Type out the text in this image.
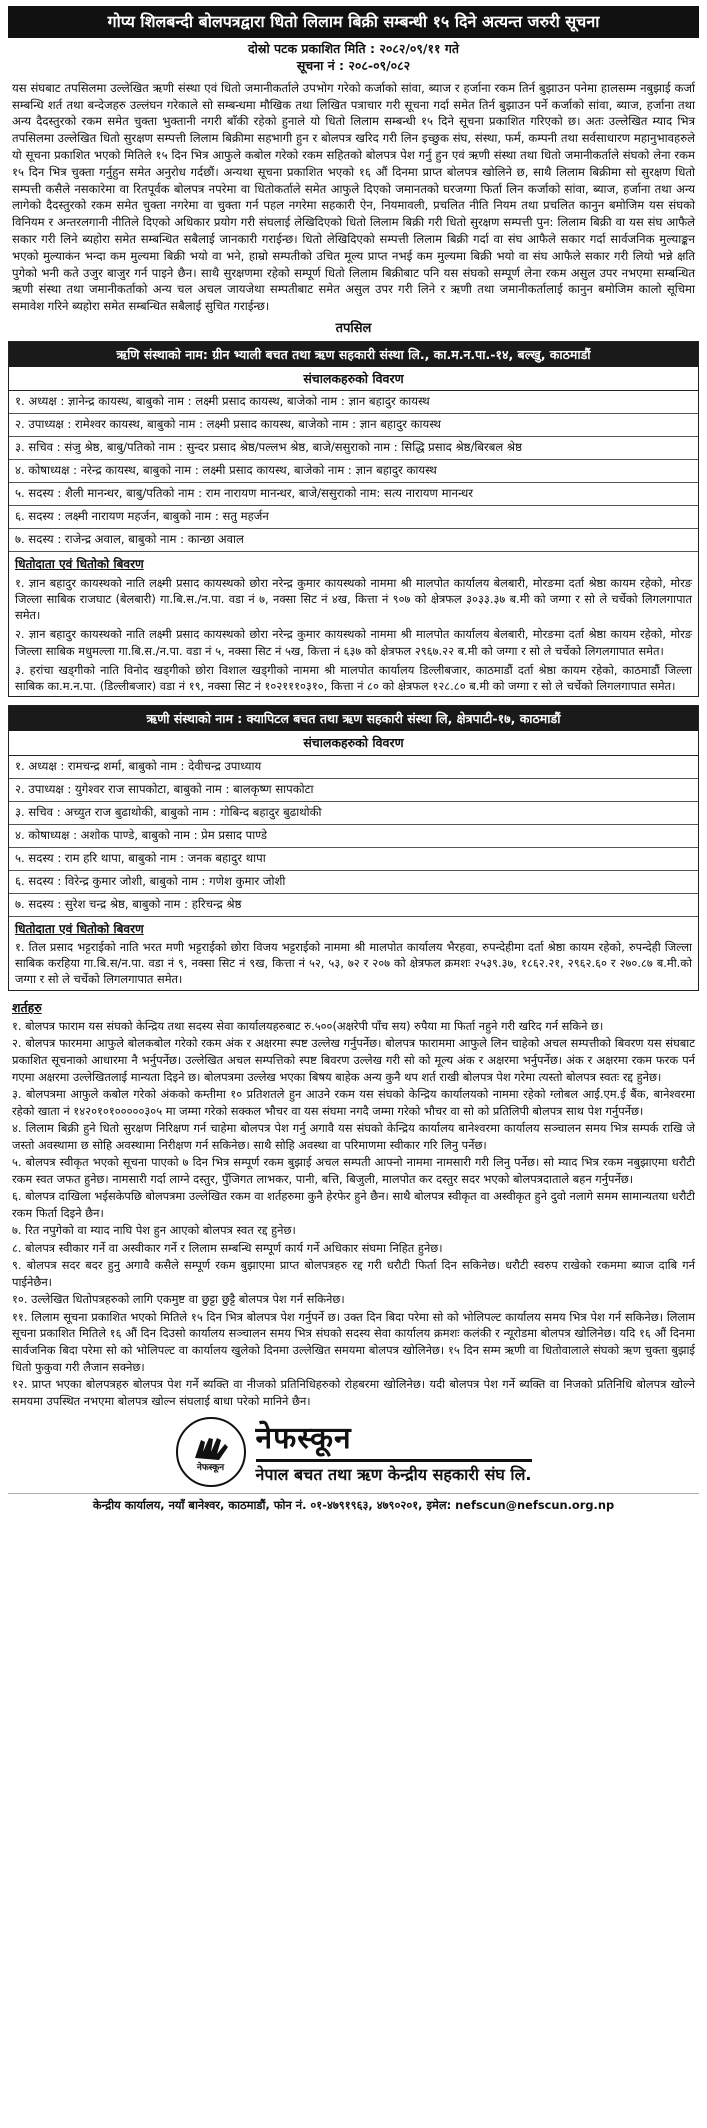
गोप्य शिलबन्दी बोलपत्रद्वारा धितो लिलाम बिक्री सम्बन्धी १५ दिने अत्यन्त जरुरी सूचना
दोस्रो पटक प्रकाशित मिति : २०८२/०९/११ गते
सूचना नं : २०८-०९/०८२

यस संघबाट तपसिलमा उल्लेखित ऋणी संस्था एवं धितो जमानीकर्ताले उपभोग गरेको कर्जाको सांवा, ब्याज र हर्जाना रकम तिर्न बुझाउन पनेमा हालसम्म नबुझाई कर्जा सम्बन्धि शर्त तथा बन्देजहरु उल्लंघन गरेकाले सो सम्बन्धमा मौखिक तथा लिखित पत्राचार गरी सूचना गर्दा समेत तिर्न बुझाउन पर्ने कर्जाको सांवा, ब्याज, हर्जाना तथा अन्य दैदस्तुरको रकम समेत चुक्ता भुक्तानी नगरी बाँकी रहेको हुनाले यो धितो लिलाम सम्बन्धी १५ दिने सूचना प्रकाशित गरिएको छ। अतः उल्लेखित म्याद भित्र तपसिलमा उल्लेखित धितो सुरक्षण सम्पत्ती लिलाम बिक्रीमा सहभागी हुन र बोलपत्र खरिद गरी लिन इच्छुक संघ, संस्था, फर्म, कम्पनी तथा सर्वसाधारण महानुभावहरुले यो सूचना प्रकाशित भएको मितिले १५ दिन भित्र आफुले कबोल गरेको रकम सहितको बोलपत्र पेश गर्नु हुन एवं ऋणी संस्था तथा धितो जमानीकर्ताले संघको लेना रकम १५ दिन भित्र चुक्ता गर्नुहुन समेत अनुरोध गर्दछौं। अन्यथा सूचना प्रकाशित भएको १६ औं दिनमा प्राप्त बोलपत्र खोलिने छ, साथै लिलाम बिक्रीमा सो सुरक्षण धितो सम्पत्ती कसैले नसकारेमा वा रितपूर्वक बोलपत्र नपरेमा वा धितोकर्ताले समेत आफुले दिएको जमानतको घरजग्गा फिर्ता लिन कर्जाको सांवा, ब्याज, हर्जाना तथा अन्य लागेको दैदस्तुरको रकम समेत चुक्ता नगरेमा वा चुक्ता गर्न पहल नगरेमा सहकारी ऐन, नियमावली, प्रचलित नीति नियम तथा प्रचलित कानुन बमोजिम यस संघको विनियम र अन्तरलगानी नीतिले दिएको अधिकार प्रयोग गरी संघलाई लेखिदिएको धितो लिलाम बिक्री गरी धितो सुरक्षण सम्पत्ती पुन: लिलाम बिक्री वा यस संघ आफैले सकार गरी लिने ब्यहोरा समेत सम्बन्धित सबैलाई जानकारी गराईन्छ। धितो लेखिदिएको सम्पत्ती लिलाम बिक्री गर्दा वा संघ आफैले सकार गर्दा सार्वजनिक मुल्याङ्कन भएको मुल्याकंन भन्दा कम मुल्यमा बिक्री भयो वा भने, हाम्रो सम्पतीको उचित मूल्य प्राप्त नभई कम मुल्यमा बिक्री भयो वा संघ आफैले सकार गरी लियो भन्ने क्षति पुगेको भनी कते उजुर बाजुर गर्न पाइने छैन। साथै सुरक्षणमा रहेको सम्पूर्ण धितो लिलाम बिक्रीबाट पनि यस संघको सम्पूर्ण लेना रकम असुल उपर नभएमा सम्बन्धित ऋणी संस्था तथा जमानीकर्ताको अन्य चल अचल जायजेथा सम्पतीबाट समेत असुल उपर गरी लिने र ऋणी तथा जमानीकर्तालाई कानुन बमोजिम कालो सूचिमा समावेश गरिने ब्यहोरा समेत सम्बन्धित सबैलाई सुचित गराईन्छ।

तपसिल
ऋणि संस्थाको नाम: ग्रीन भ्याली बचत तथा ऋण सहकारी संस्था लि., का.म.न.पा.-१४, बल्खु, काठमाडौं
संचालकहरुको विवरण
१. अध्यक्ष : ज्ञानेन्द्र कायस्थ, बाबुको नाम : लक्ष्मी प्रसाद कायस्थ, बाजेको नाम : ज्ञान बहादुर कायस्थ
२. उपाध्यक्ष : रामेश्वर कायस्थ, बाबुको नाम : लक्ष्मी प्रसाद कायस्थ, बाजेको नाम : ज्ञान बहादुर कायस्थ
३. सचिव : संजु श्रेष्ठ, बाबु/पतिको नाम : सुन्दर प्रसाद श्रेष्ठ/पल्लभ श्रेष्ठ, बाजे/ससुराको नाम : सिद्धि प्रसाद श्रेष्ठ/बिरबल श्रेष्ठ
४. कोषाध्यक्ष : नरेन्द्र कायस्थ, बाबुको नाम : लक्ष्मी प्रसाद कायस्थ, बाजेको नाम : ज्ञान बहादुर कायस्थ
५. सदस्य : शैली मानन्धर, बाबु/पतिको नाम : राम नारायण मानन्धर, बाजे/ससुराको नाम: सत्य नारायण मानन्धर
६. सदस्य : लक्ष्मी नारायण महर्जन, बाबुको नाम : सतु महर्जन
७. सदस्य : राजेन्द्र अवाल, बाबुको नाम : कान्छा अवाल
धितोदाता एवं धितोको बिवरण

१. ज्ञान बहादुर कायस्थको नाति लक्ष्मी प्रसाद कायस्थको छोरा नरेन्द्र कुमार कायस्थको नाममा श्री मालपोत कार्यालय बेलबारी, मोरङमा दर्ता श्रेष्ठा कायम रहेको, मोरङ जिल्ला साबिक राजघाट (बेलबारी) गा.बि.स./न.पा. वडा नं ७, नक्सा सिट नं ४ख, कित्ता नं ९०७ को क्षेत्रफल ३०३३.३७ ब.मी को जग्गा र सो ले चर्चेको लिगलगापात समेत।

२. ज्ञान बहादुर कायस्थको नाति लक्ष्मी प्रसाद कायस्थको छोरा नरेन्द्र कुमार कायस्थको नाममा श्री मालपोत कार्यालय बेलबारी, मोरङमा दर्ता श्रेष्ठा कायम रहेको, मोरङ जिल्ला साबिक मधुमल्ला गा.बि.स./न.पा. वडा नं ५, नक्सा सिट नं ५ख, कित्ता नं ६३७ को क्षेत्रफल २९६७.२२ ब.मी को जग्गा र सो ले चर्चेको लिगलगापात समेत।

३. हरांचा खड्गीको नाति विनोद खड्गीको छोरा विशाल खड्गीको नाममा श्री मालपोत कार्यालय डिल्लीबजार, काठमाडौं दर्ता श्रेष्ठा कायम रहेको, काठमाडौं जिल्ला साबिक का.म.न.पा. (डिल्लीबजार) वडा नं १९, नक्सा सिट नं १०२१११०३१०, कित्ता नं ८० को क्षेत्रफल १२८.८० ब.मी को जग्गा र सो ले चर्चेको लिगलगापात समेत।

ऋणी संस्थाको नाम : क्यापिटल बचत तथा ऋण सहकारी संस्था लि, क्षेत्रपाटी-१७, काठमाडौं
संचालकहरुको विवरण
१. अध्यक्ष : रामचन्द्र शर्मा, बाबुको नाम : देवीचन्द्र उपाध्याय
२. उपाध्यक्ष : युगेश्वर राज सापकोटा, बाबुको नाम : बालकृष्ण सापकोटा
३. सचिव : अच्युत राज बुढाथोकी, बाबुको नाम : गोबिन्द बहादुर बुढाथोकी
४. कोषाध्यक्ष : अशोक पाण्डे, बाबुको नाम : प्रेम प्रसाद पाण्डे
५. सदस्य : राम हरि थापा, बाबुको नाम : जनक बहादुर थापा
६. सदस्य : विरेन्द्र कुमार जोशी, बाबुको नाम : गणेश कुमार जोशी
७. सदस्य : सुरेश चन्द्र श्रेष्ठ, बाबुको नाम : हरिचन्द्र श्रेष्ठ
धितोदाता एवं धितोको बिवरण

१. तिल प्रसाद भट्टराईको नाति भरत मणी भट्टराईको छोरा विजय भट्टराईको नाममा श्री मालपोत कार्यालय भैरहवा, रुपन्देहीमा दर्ता श्रेष्ठा कायम रहेको, रुपन्देही जिल्ला साबिक करहिया गा.बि.स/न.पा. वडा नं ९, नक्सा सिट नं ९ख, कित्ता नं ५२, ५३, ७२ र २०७ को क्षेत्रफल क्रमशः २५३९.३७, १८६२.२१, २९६२.६० र २७०.८७ ब.मी.को जग्गा र सो ले चर्चेको लिगलगापात समेत।

शर्तहरु

१. बोलपत्र फाराम यस संघको केन्द्रिय तथा सदस्य सेवा कार्यालयहरुबाट रु.५००(अक्षरेपी पाँच सय) रुपैया मा फिर्ता नहुने गरी खरिद गर्न सकिने छ।

२. बोलपत्र फारममा आफुले बोलकबोल गरेको रकम अंक र अक्षरमा स्पष्ट उल्लेख गर्नुपर्नेछ। बोलपत्र फाराममा आफुले लिन चाहेको अचल सम्पत्तीको बिवरण यस संघबाट प्रकाशित सूचनाको आधारमा नै भर्नुपर्नेछ। उल्लेखित अचल सम्पत्तिको स्पष्ट बिवरण उल्लेख गरी सो को मूल्य अंक र अक्षरमा भर्नुपर्नेछ। अंक र अक्षरमा रकम फरक पर्न गएमा अक्षरमा उल्लेखितलाई मान्यता दिइने छ। बोलपत्रमा उल्लेख भएका बिषय बाहेक अन्य कुनै थप शर्त राखी बोलपत्र पेश गरेमा त्यस्तो बोलपत्र स्वतः रद्द हुनेछ।

३. बोलपत्रमा आफुले कबोल गरेको अंकको कम्तीमा १० प्रतिशतले हुन आउने रकम यस संघको केन्द्रिय कार्यालयको नाममा रहेको ग्लोबल आई.एम.ई बैंक, बानेश्वरमा रहेको खाता नं १४२०१०१०००००३०५ मा जम्मा गरेको सक्कल भौचर वा यस संघमा नगदै जम्मा गरेको भौचर वा सो को प्रतिलिपी बोलपत्र साथ पेश गर्नुपर्नेछ।

४. लिलाम बिक्री हुने धितो सुरक्षण निरिक्षण गर्न चाहेमा बोलपत्र पेश गर्नु अगावै यस संघको केन्द्रिय कार्यालय बानेश्वरमा कार्यालय सञ्चालन समय भित्र सम्पर्क राखि जे जस्तो अवस्थामा छ सोहि अवस्थामा निरीक्षण गर्न सकिनेछ। साथै सोहि अवस्था वा परिमाणमा स्वीकार गरि लिनु पर्नेछ।

५. बोलपत्र स्वीकृत भएको सूचना पाएको ७ दिन भित्र सम्पूर्ण रकम बुझाई अचल सम्पती आफ्नो नाममा नामसारी गरी लिनु पर्नेछ। सो म्याद भित्र रकम नबुझाएमा धरौटी रकम स्वत जफत हुनेछ। नामसारी गर्दा लाग्ने दस्तुर, पुँजिगत लाभकर, पानी, बत्ति, बिजुली, मालपोत कर दस्तुर सदर भएको बोलपत्रदाताले बहन गर्नुपर्नेछ।

६. बोलपत्र दाखिला भईसकेपछि बोलपत्रमा उल्लेखित रकम वा शर्तहरुमा कुनै हेरफेर हुने छैन। साथै बोलपत्र स्वीकृत वा अस्वीकृत हुने दुवो नलागे समम सामान्यतया धरौटी रकम फिर्ता दिइने छैन।

७. रित नपुगेको वा म्याद नाघि पेश हुन आएको बोलपत्र स्वत रद्द हुनेछ।

८. बोलपत्र स्वीकार गर्ने वा अस्वीकार गर्ने र लिलाम सम्बन्धि सम्पूर्ण कार्य गर्ने अधिकार संघमा निहित हुनेछ।

९. बोलपत्र सदर बदर हुनु अगावै कसैले सम्पूर्ण रकम बुझाएमा प्राप्त बोलपत्रहरु रद्द गरी धरौटी फिर्ता दिन सकिनेछ। धरौटी स्वरुप राखेको रकममा ब्याज दाबि गर्न पाईनेछैन।

१०. उल्लेखित धितोपत्रहरुको लागि एकमुष्ट वा छुट्टा छुट्टै बोलपत्र पेश गर्न सकिनेछ।

११. लिलाम सूचना प्रकाशित भएको मितिले १५ दिन भित्र बोलपत्र पेश गर्नुपर्ने छ। उक्त दिन बिदा परेमा सो को भोलिपल्ट कार्यालय समय भित्र पेश गर्न सकिनेछ। लिलाम सूचना प्रकाशित मितिले १६ औं दिन दिउसो कार्यालय सञ्चालन समय भित्र संघको सदस्य सेवा कार्यालय क्रमशः कलंकी र न्यूरोडमा बोलपत्र खोलिनेछ। यदि १६ औं दिनमा सार्वजनिक बिदा परेमा सो को भोलिपल्ट वा कार्यालय खुलेको दिनमा उल्लेखित समयमा बोलपत्र खोलिनेछ। १५ दिन सम्म ऋणी वा धितोवालाले संघको ऋण चुक्ता बुझाई धितो फुकुवा गरी लैजान सक्नेछ।

१२. प्राप्त भएका बोलपत्रहरु बोलपत्र पेश गर्ने ब्यक्ति वा नीजको प्रतिनिधिहरुको रोहबरमा खोलिनेछ। यदी बोलपत्र पेश गर्ने ब्यक्ति वा निजको प्रतिनिधि बोलपत्र खोल्ने समयमा उपस्थित नभएमा बोलपत्र खोल्न संघलाई बाधा परेको मानिने छैन।

नेफस्कून
नेफस्कून
नेपाल बचत तथा ऋण केन्द्रीय सहकारी संघ लि.
केन्द्रीय कार्यालय, नयाँ बानेश्वर, काठमाडौं, फोन नं. ०१-४७९१९६३, ४७९०२०१, इमेल: nefscun@nefscun.org.np
